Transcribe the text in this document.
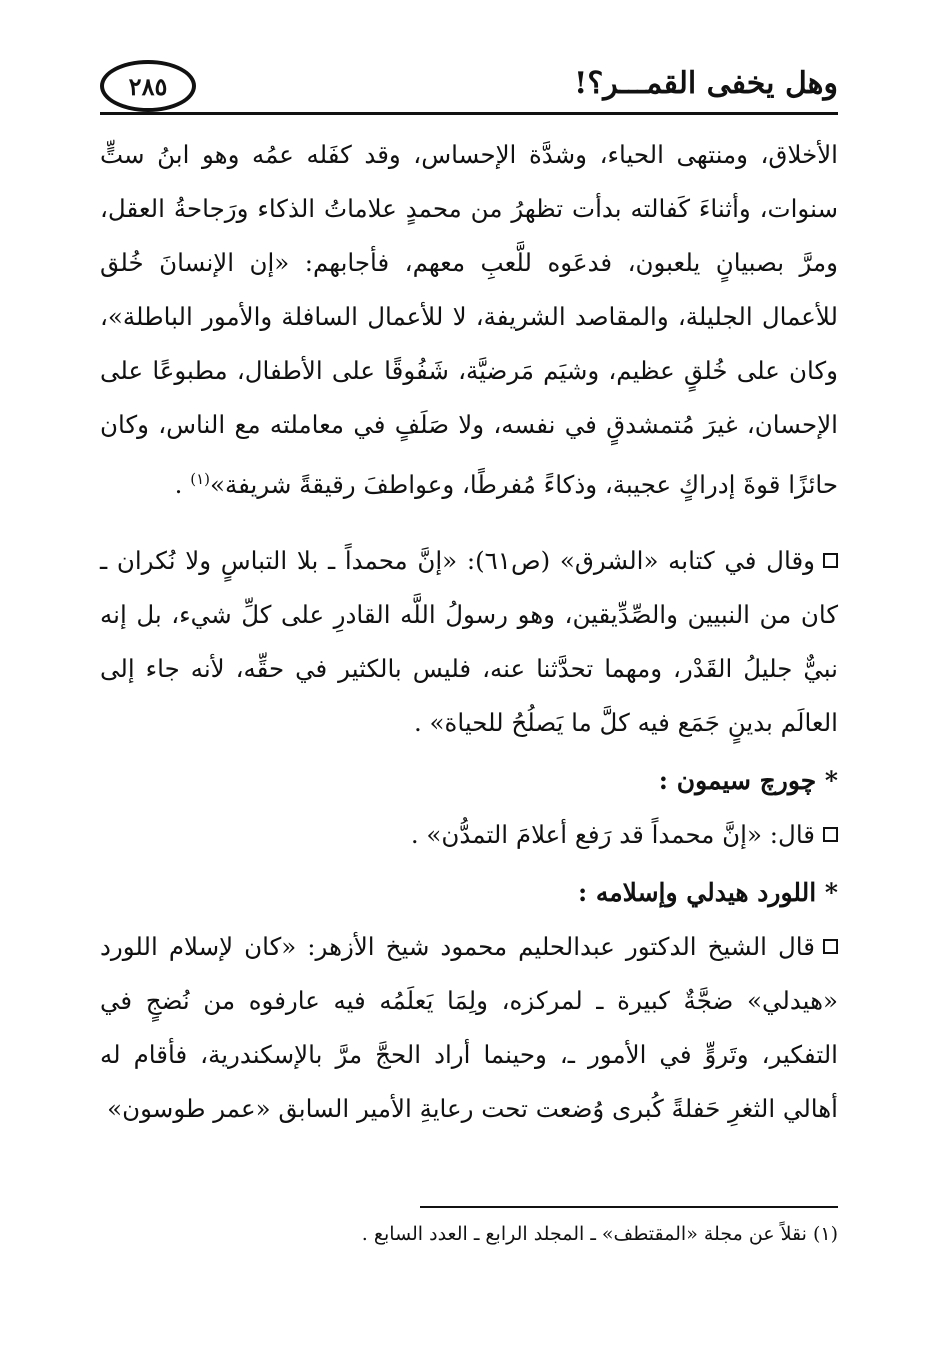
وهل يخفى القمـــر؟!
٢٨٥

الأخلاق، ومنتهى الحياء، وشدَّة الإحساس، وقد كفَله عمُه وهو ابنُ ستٍّ سنوات، وأثناءَ كَفالته بدأت تظهرُ من محمدٍ علاماتُ الذكاء ورَجاحةُ العقل، ومرَّ بصبيانٍ يلعبون، فدعَوه للَّعبِ معهم، فأجابهم: «إن الإنسانَ خُلق للأعمال الجليلة، والمقاصد الشريفة، لا للأعمال السافلة والأمور الباطلة»، وكان على خُلقٍ عظيم، وشيَم مَرضيَّة، شَفُوقًا على الأطفال، مطبوعًا على الإحسان، غيرَ مُتمشدقٍ في نفسه، ولا صَلَفٍ في معاملته مع الناس، وكان حائزًا قوةَ إدراكٍ عجيبة، وذكاءً مُفرطًا، وعواطفَ رقيقةً شريفة»$^{(١)}$ .

وقال في كتابه «الشرق» (ص٦١): «إنَّ محمداً ـ بلا التباسٍ ولا نُكران ـ كان من النبيين والصِّدِّيقين، وهو رسولُ اللَّه القادرِ على كلِّ شيء، بل إنه نبيٌّ جليلُ القَدْر، ومهما تحدَّثنا عنه، فليس بالكثير في حقِّه، لأنه جاء إلى العالَم بدينٍ جَمَع فيه كلَّ ما يَصلُحُ للحياة» .

* چورچ سيمون :

قال: «إنَّ محمداً قد رَفع أعلامَ التمدُّن» .

* اللورد هيدلي وإسلامه :

قال الشيخ الدكتور عبدالحليم محمود شيخ الأزهر: «كان لإسلام اللورد «هيدلي» ضجَّةٌ كبيرة ـ لمركزه، ولِمَا يَعلَمُه فيه عارفوه من نُضجٍ في التفكير، وتَروٍّ في الأمور ـ، وحينما أراد الحجَّ مرَّ بالإسكندرية، فأقام له أهالي الثغرِ حَفلةً كُبرى وُضعت تحت رعايةِ الأمير السابق «عمر طوسون»

(١) نقلاً عن مجلة «المقتطف» ـ المجلد الرابع ـ العدد السابع .
